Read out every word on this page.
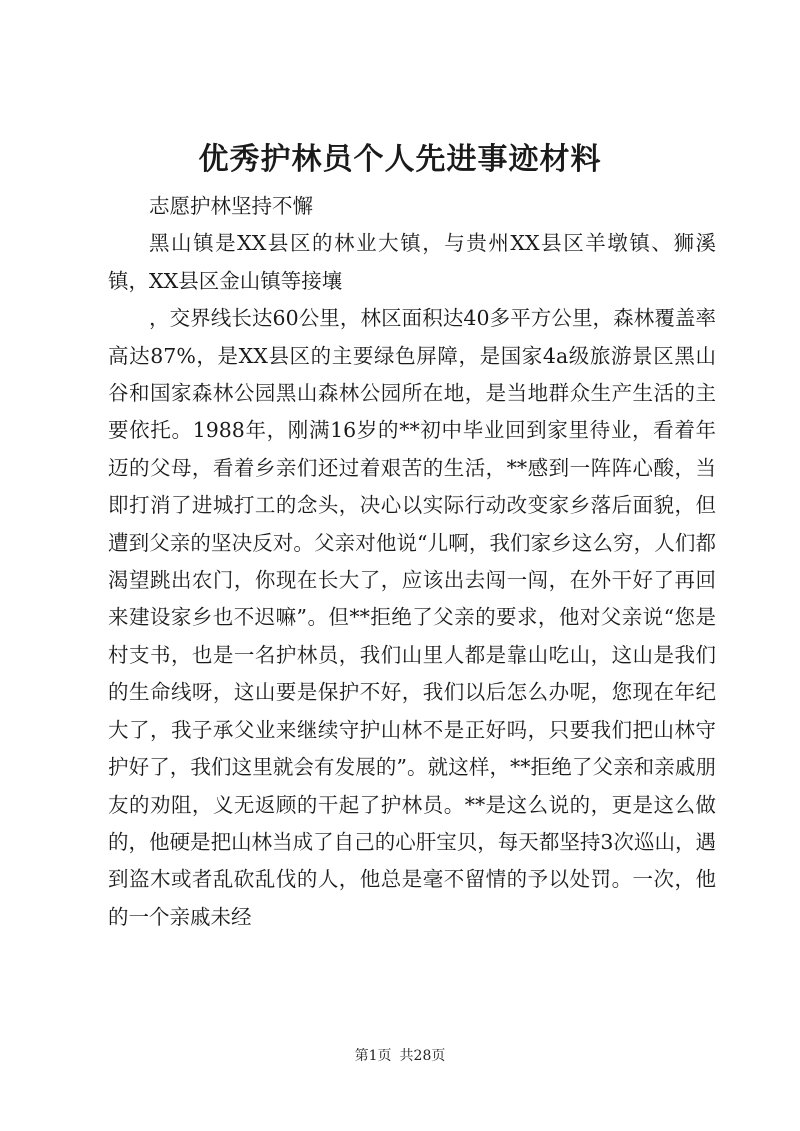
优秀护林员个人先进事迹材料

志愿护林坚持不懈

黑山镇是XX县区的林业大镇，与贵州XX县区羊墩镇、狮溪镇，XX县区金山镇等接壤

，交界线长达60公里，林区面积达40多平方公里，森林覆盖率高达87%，是XX县区的主要绿色屏障，是国家4a级旅游景区黑山谷和国家森林公园黑山森林公园所在地，是当地群众生产生活的主要依托。1988年，刚满16岁的**初中毕业回到家里待业，看着年迈的父母，看着乡亲们还过着艰苦的生活，**感到一阵阵心酸，当即打消了进城打工的念头，决心以实际行动改变家乡落后面貌，但遭到父亲的坚决反对。父亲对他说“儿啊，我们家乡这么穷，人们都渴望跳出农门，你现在长大了，应该出去闯一闯，在外干好了再回来建设家乡也不迟嘛”。但**拒绝了父亲的要求，他对父亲说“您是村支书，也是一名护林员，我们山里人都是靠山吃山，这山是我们的生命线呀，这山要是保护不好，我们以后怎么办呢，您现在年纪大了，我子承父业来继续守护山林不是正好吗，只要我们把山林守护好了，我们这里就会有发展的”。就这样，**拒绝了父亲和亲戚朋友的劝阻，义无返顾的干起了护林员。**是这么说的，更是这么做的，他硬是把山林当成了自己的心肝宝贝，每天都坚持3次巡山，遇到盗木或者乱砍乱伐的人，他总是毫不留情的予以处罚。一次，他的一个亲戚未经

第1页 共28页
